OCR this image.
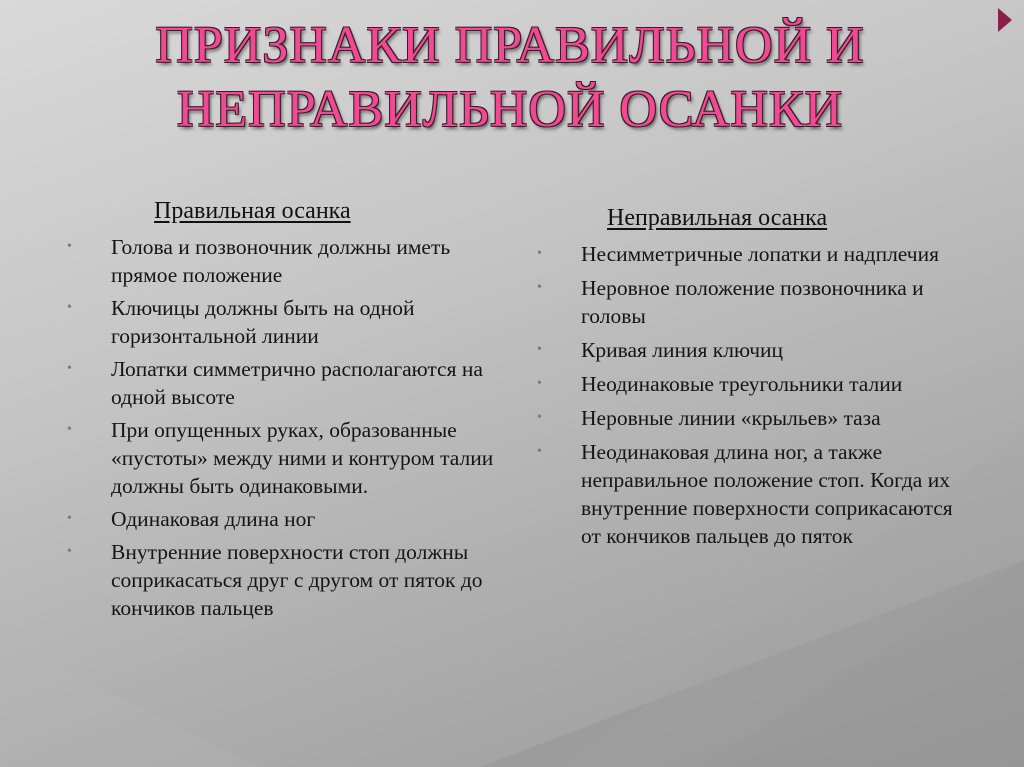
ПРИЗНАКИ ПРАВИЛЬНОЙ И
НЕПРАВИЛЬНОЙ ОСАНКИ
Правильная осанка
• Голова и позвоночник должны иметь прямое положение
• Ключицы должны быть на одной горизонтальной линии
• Лопатки симметрично располагаются на одной высоте
• При опущенных руках, образованные «пустоты» между ними и контуром талии должны быть одинаковыми.
• Одинаковая длина ног
• Внутренние поверхности стоп должны соприкасаться друг с другом от пяток до кончиков пальцев
Неправильная осанка
• Несимметричные лопатки и надплечия
• Неровное положение позвоночника и головы
• Кривая линия ключиц
• Неодинаковые треугольники талии
• Неровные линии «крыльев» таза
• Неодинаковая длина ног, а также неправильное положение стоп. Когда их внутренние поверхности соприкасаются от кончиков пальцев до пяток
